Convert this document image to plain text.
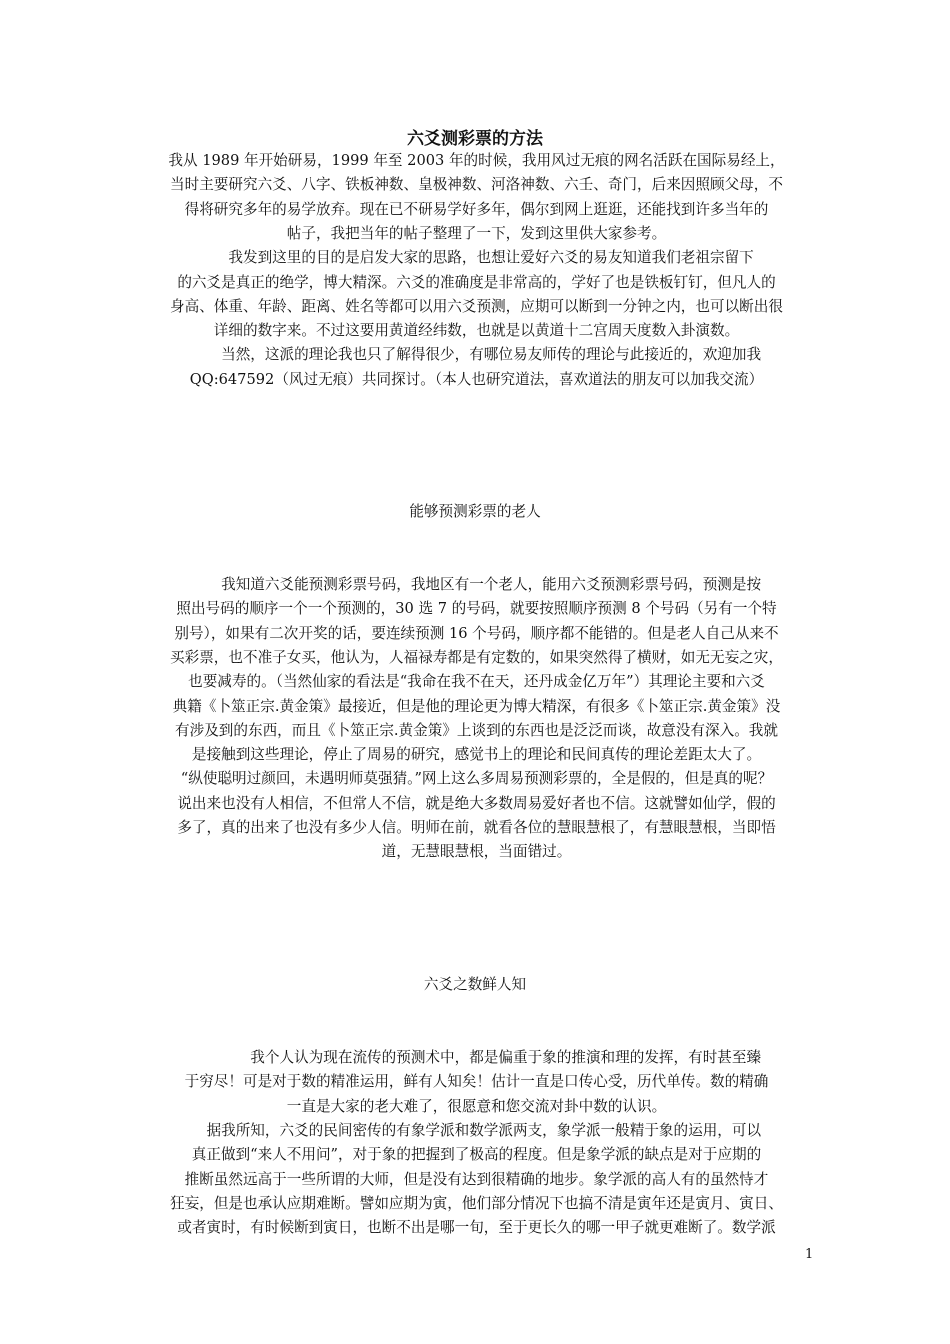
六爻测彩票的方法
我从 1989 年开始研易，1999 年至 2003 年的时候，我用风过无痕的网名活跃在国际易经上，
当时主要研究六爻、八字、铁板神数、皇极神数、河洛神数、六壬、奇门，后来因照顾父母，不
得将研究多年的易学放弃。现在已不研易学好多年，偶尔到网上逛逛，还能找到许多当年的
帖子，我把当年的帖子整理了一下，发到这里供大家参考。
　　我发到这里的目的是启发大家的思路，也想让爱好六爻的易友知道我们老祖宗留下
的六爻是真正的绝学，博大精深。六爻的准确度是非常高的，学好了也是铁板钉钉，但凡人的
身高、体重、年龄、距离、姓名等都可以用六爻预测，应期可以断到一分钟之内，也可以断出很
详细的数字来。不过这要用黄道经纬数，也就是以黄道十二宫周天度数入卦演数。
　　当然，这派的理论我也只了解得很少，有哪位易友师传的理论与此接近的，欢迎加我
QQ:647592（风过无痕）共同探讨。（本人也研究道法，喜欢道法的朋友可以加我交流）
能够预测彩票的老人
　　我知道六爻能预测彩票号码，我地区有一个老人，能用六爻预测彩票号码，预测是按
照出号码的顺序一个一个预测的，30 选 7 的号码，就要按照顺序预测 8 个号码（另有一个特
别号），如果有二次开奖的话，要连续预测 16 个号码，顺序都不能错的。但是老人自己从来不
买彩票，也不准子女买，他认为，人福禄寿都是有定数的，如果突然得了横财，如无无妄之灾，
也要减寿的。（当然仙家的看法是“我命在我不在天，还丹成金亿万年”）其理论主要和六爻
典籍《卜筮正宗.黄金策》最接近，但是他的理论更为博大精深，有很多《卜筮正宗.黄金策》没
有涉及到的东西，而且《卜筮正宗.黄金策》上谈到的东西也是泛泛而谈，故意没有深入。我就
是接触到这些理论，停止了周易的研究，感觉书上的理论和民间真传的理论差距太大了。
“纵使聪明过颜回，未遇明师莫强猜。”网上这么多周易预测彩票的，全是假的，但是真的呢？
说出来也没有人相信，不但常人不信，就是绝大多数周易爱好者也不信。这就譬如仙学，假的
多了，真的出来了也没有多少人信。明师在前，就看各位的慧眼慧根了，有慧眼慧根，当即悟
道，无慧眼慧根，当面错过。
六爻之数鲜人知
　　　　我个人认为现在流传的预测术中，都是偏重于象的推演和理的发挥，有时甚至臻
于穷尽！可是对于数的精准运用，鲜有人知矣！估计一直是口传心受，历代单传。数的精确
一直是大家的老大难了，很愿意和您交流对卦中数的认识。
　据我所知，六爻的民间密传的有象学派和数学派两支，象学派一般精于象的运用，可以
真正做到“来人不用问”，对于象的把握到了极高的程度。但是象学派的缺点是对于应期的
推断虽然远高于一些所谓的大师，但是没有达到很精确的地步。象学派的高人有的虽然恃才
狂妄，但是也承认应期难断。譬如应期为寅，他们部分情况下也搞不清是寅年还是寅月、寅日、
或者寅时，有时候断到寅日，也断不出是哪一旬，至于更长久的哪一甲子就更难断了。数学派
1
